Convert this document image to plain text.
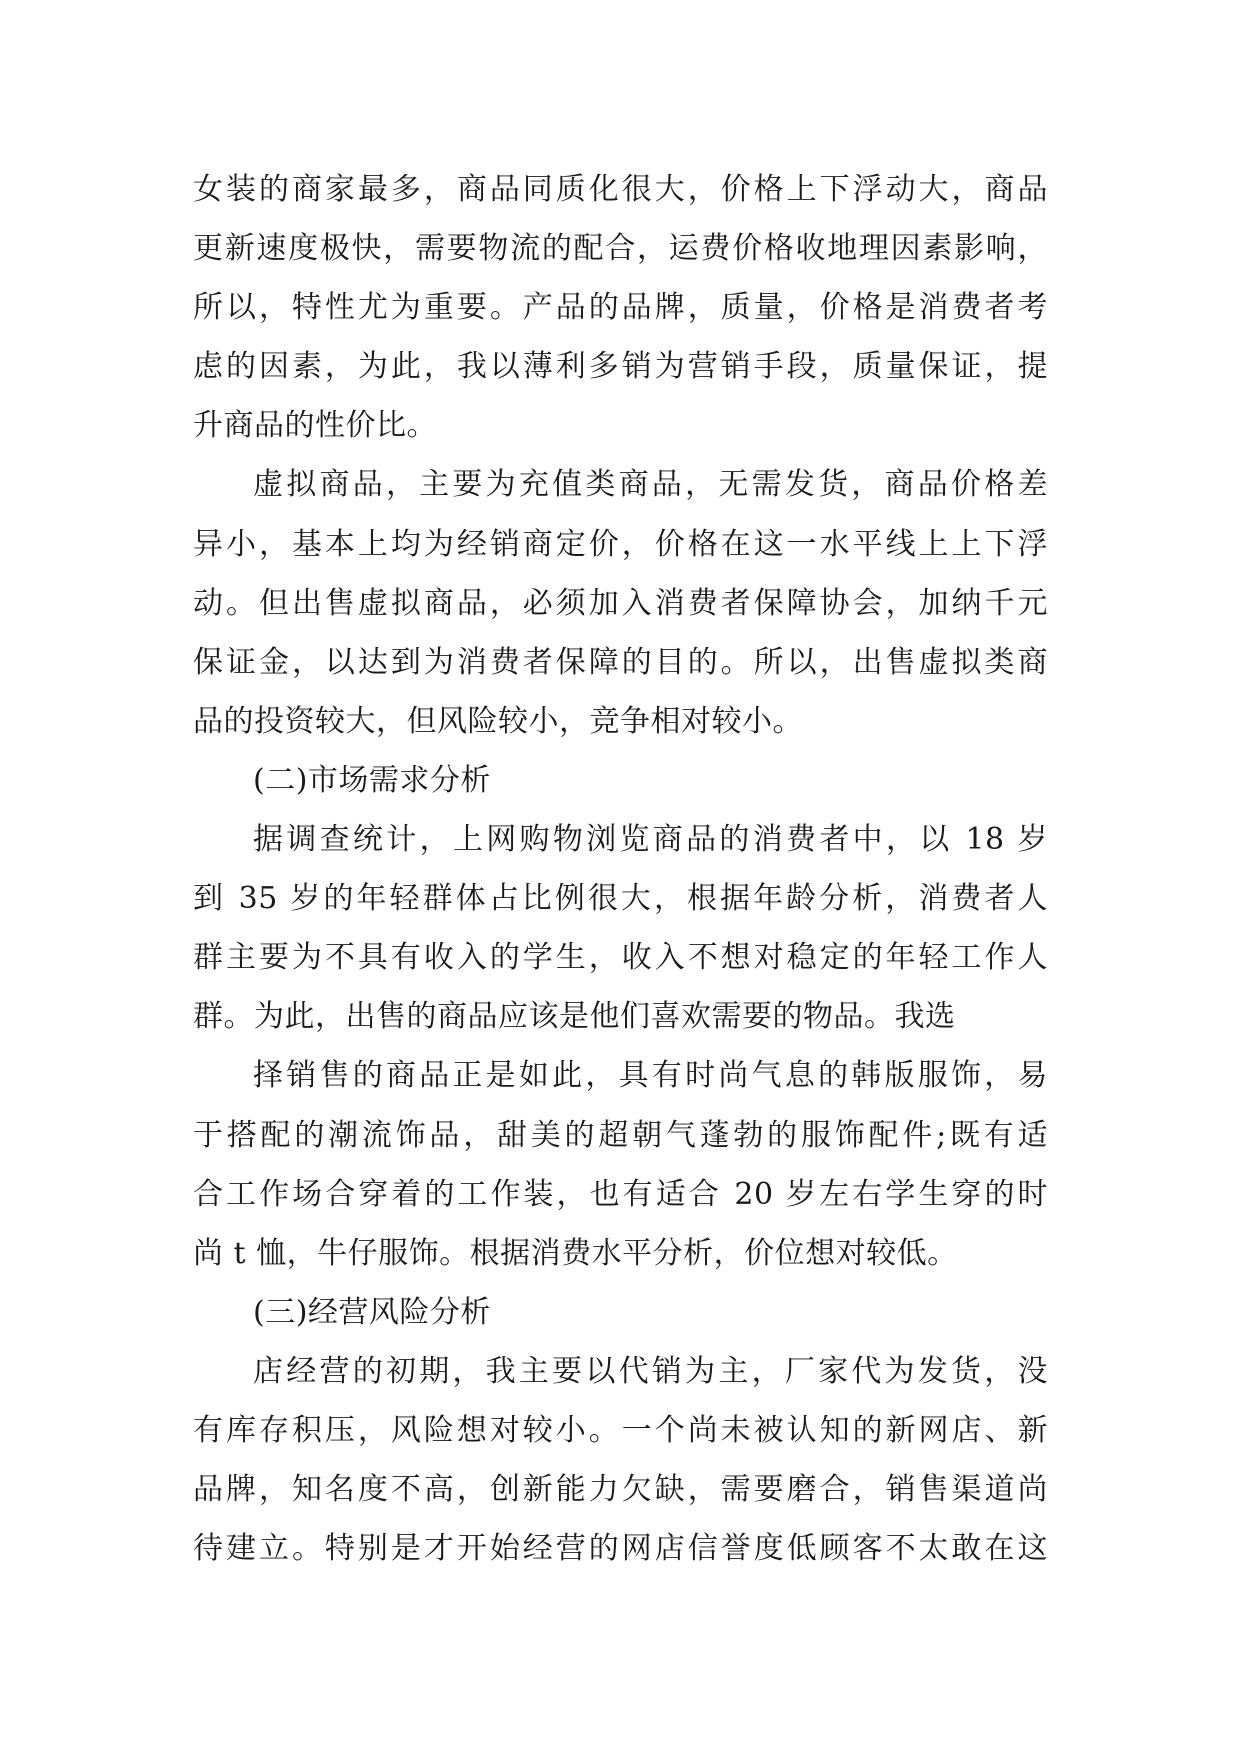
女装的商家最多，商品同质化很大，价格上下浮动大，商品
更新速度极快，需要物流的配合，运费价格收地理因素影响，
所以，特性尤为重要。产品的品牌，质量，价格是消费者考
虑的因素，为此，我以薄利多销为营销手段，质量保证，提
升商品的性价比。
虚拟商品，主要为充值类商品，无需发货，商品价格差
异小，基本上均为经销商定价，价格在这一水平线上上下浮
动。但出售虚拟商品，必须加入消费者保障协会，加纳千元
保证金，以达到为消费者保障的目的。所以，出售虚拟类商
品的投资较大，但风险较小，竞争相对较小。
(二)市场需求分析
据调查统计，上网购物浏览商品的消费者中，以 18 岁
到 35 岁的年轻群体占比例很大，根据年龄分析，消费者人
群主要为不具有收入的学生，收入不想对稳定的年轻工作人
群。为此，出售的商品应该是他们喜欢需要的物品。我选
择销售的商品正是如此，具有时尚气息的韩版服饰，易
于搭配的潮流饰品，甜美的超朝气蓬勃的服饰配件;既有适
合工作场合穿着的工作装，也有适合 20 岁左右学生穿的时
尚 t 恤，牛仔服饰。根据消费水平分析，价位想对较低。
(三)经营风险分析
店经营的初期，我主要以代销为主，厂家代为发货，没
有库存积压，风险想对较小。一个尚未被认知的新网店、新
品牌，知名度不高，创新能力欠缺，需要磨合，销售渠道尚
待建立。特别是才开始经营的网店信誉度低顾客不太敢在这
